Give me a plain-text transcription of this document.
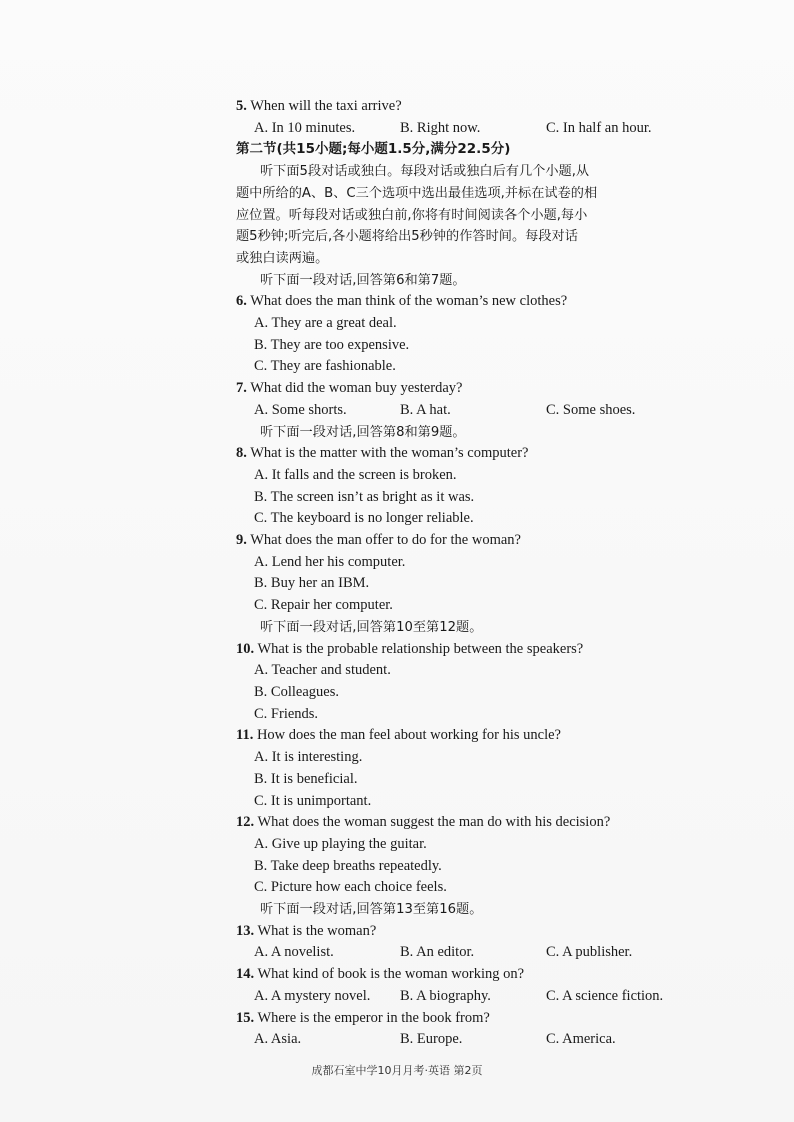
5. When will the taxi arrive?
A. In 10 minutes.	B. Right now.	C. In half an hour.
第二节(共15小题;每小题1.5分,满分22.5分)
听下面5段对话或独白。每段对话或独白后有几个小题,从
题中所给的A、B、C三个选项中选出最佳选项,并标在试卷的相
应位置。听每段对话或独白前,你将有时间阅读各个小题,每小
题5秒钟;听完后,各小题将给出5秒钟的作答时间。每段对话
或独白读两遍。
听下面一段对话,回答第6和第7题。
6. What does the man think of the woman’s new clothes?
A. They are a great deal.
B. They are too expensive.
C. They are fashionable.
7. What did the woman buy yesterday?
A. Some shorts.	B. A hat.	C. Some shoes.
听下面一段对话,回答第8和第9题。
8. What is the matter with the woman’s computer?
A. It falls and the screen is broken.
B. The screen isn’t as bright as it was.
C. The keyboard is no longer reliable.
9. What does the man offer to do for the woman?
A. Lend her his computer.
B. Buy her an IBM.
C. Repair her computer.
听下面一段对话,回答第10至第12题。
10. What is the probable relationship between the speakers?
A. Teacher and student.
B. Colleagues.
C. Friends.
11. How does the man feel about working for his uncle?
A. It is interesting.
B. It is beneficial.
C. It is unimportant.
12. What does the woman suggest the man do with his decision?
A. Give up playing the guitar.
B. Take deep breaths repeatedly.
C. Picture how each choice feels.
听下面一段对话,回答第13至第16题。
13. What is the woman?
A. A novelist.	B. An editor.	C. A publisher.
14. What kind of book is the woman working on?
A. A mystery novel.	B. A biography.	C. A science fiction.
15. Where is the emperor in the book from?
A. Asia.	B. Europe.	C. America.
成都石室中学10月月考·英语 第2页
